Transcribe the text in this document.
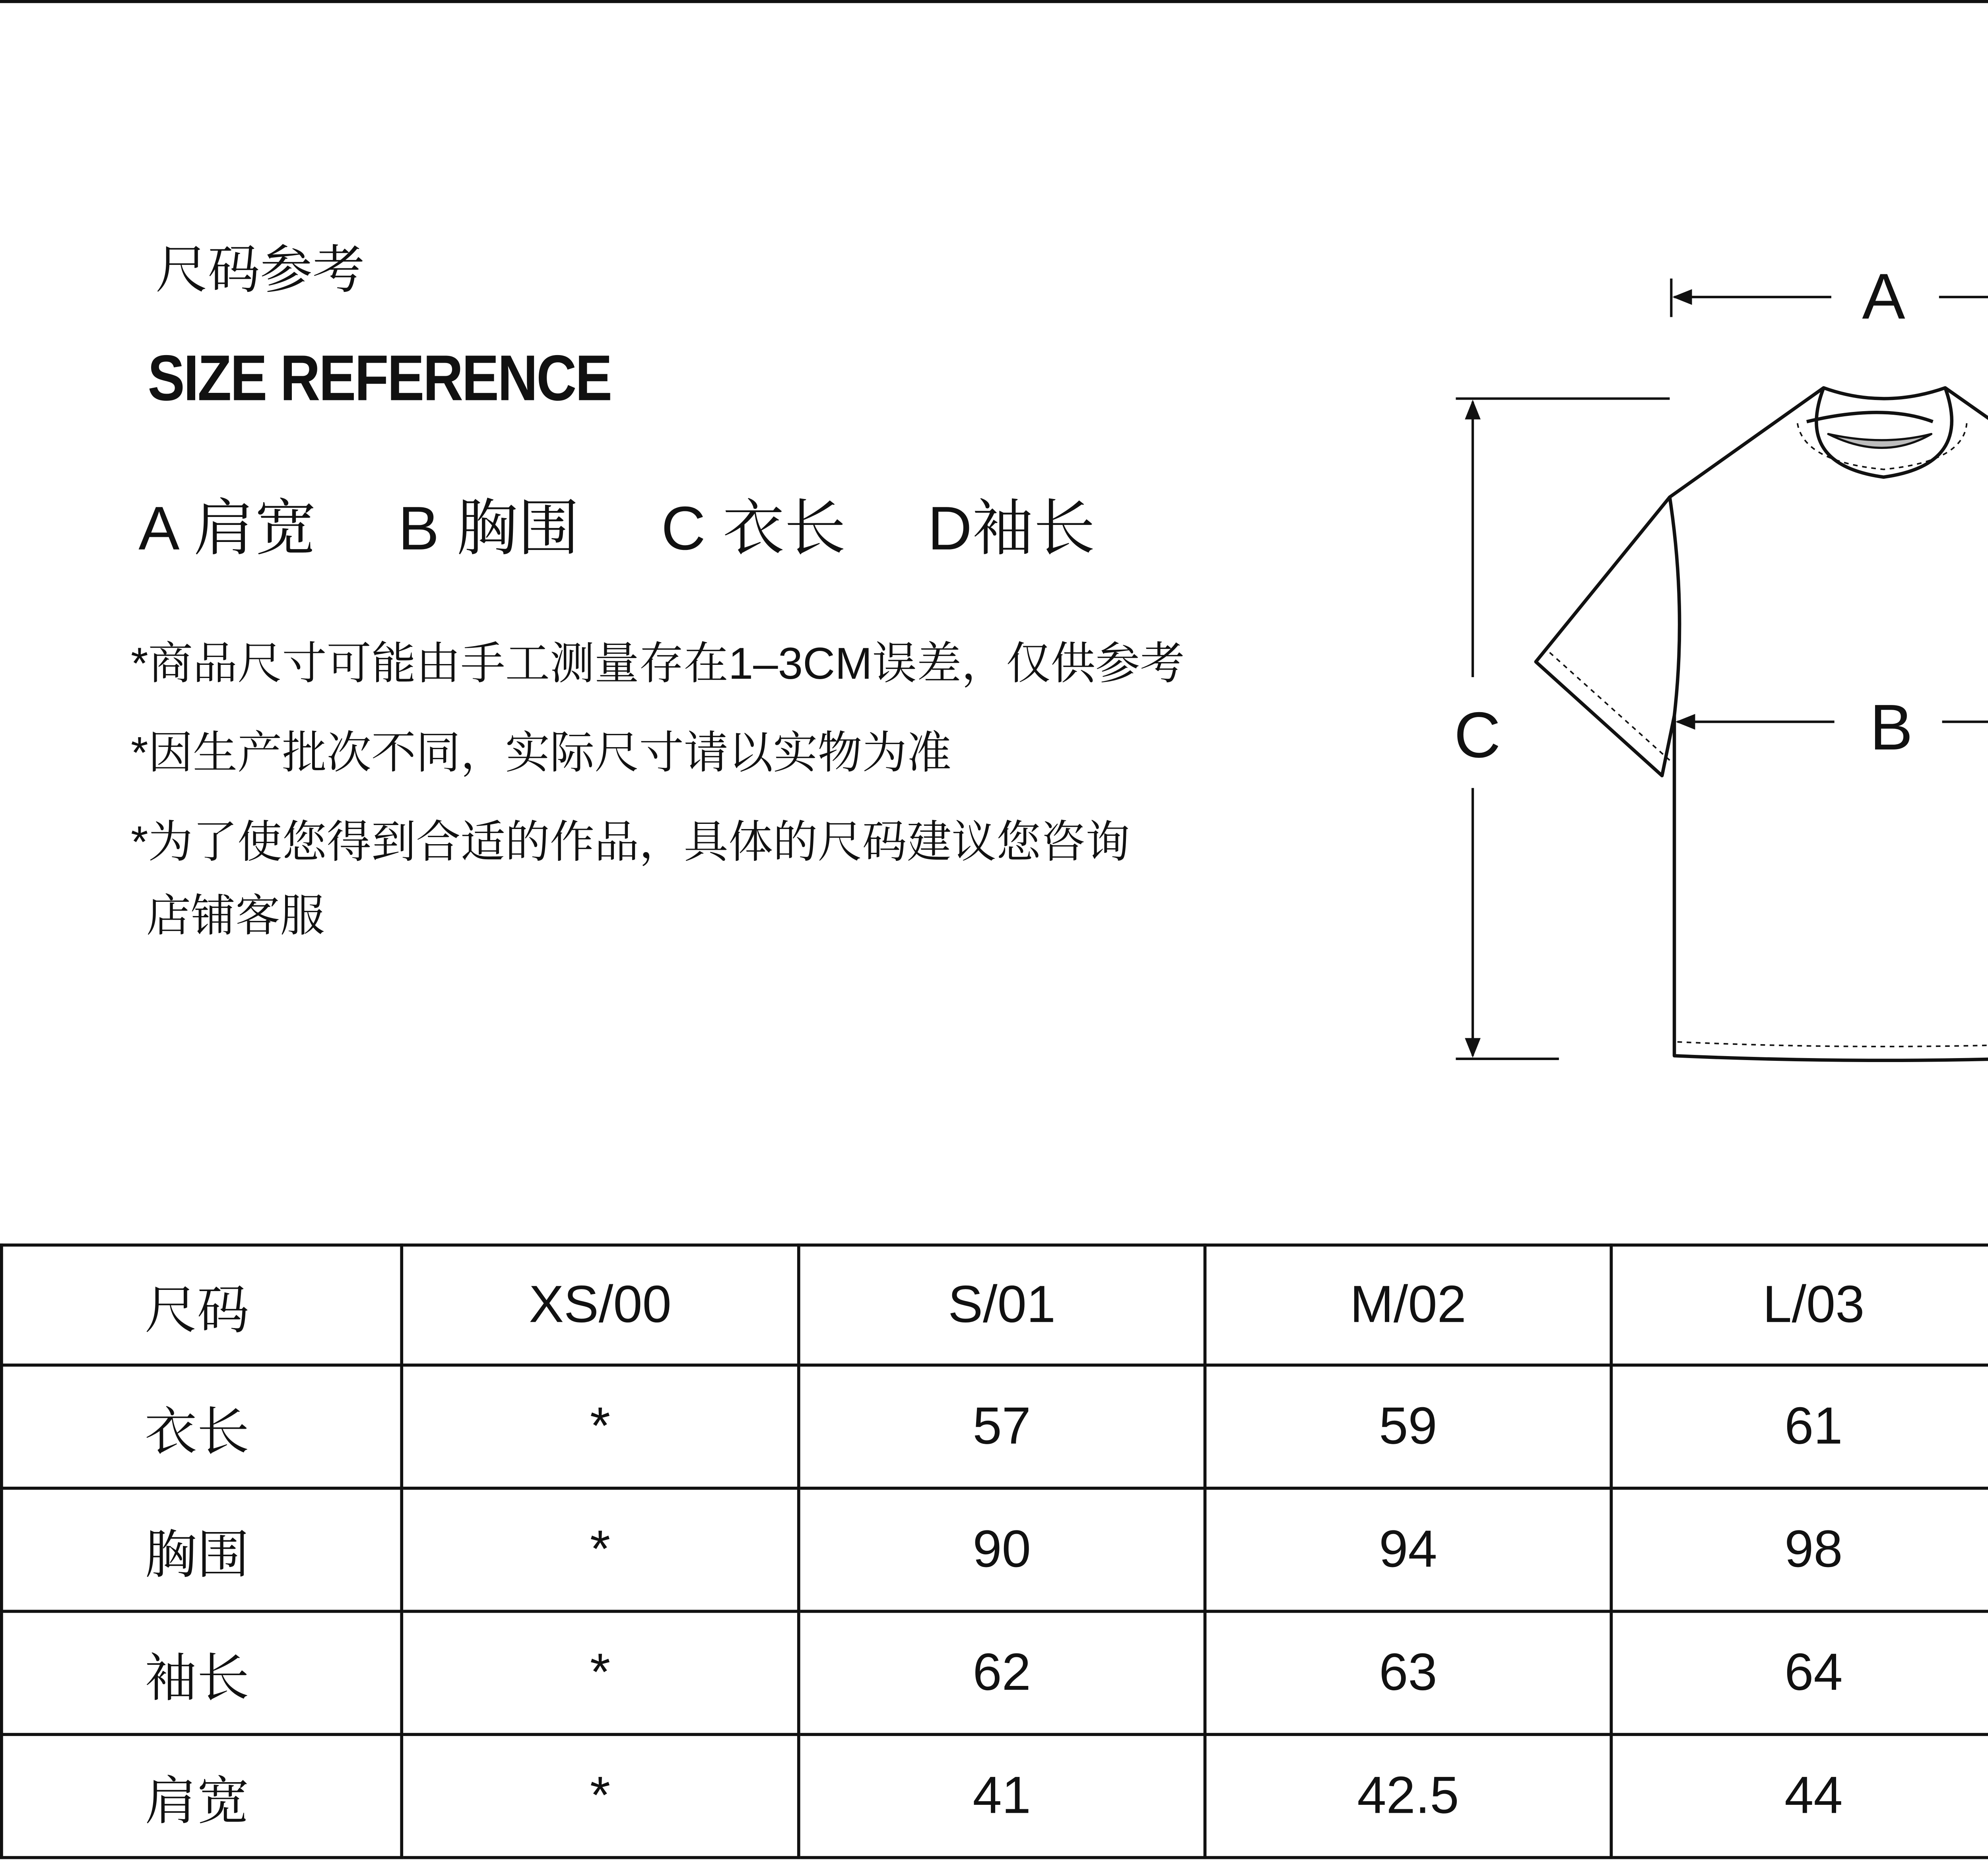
尺码参考
SIZE REFERENCE
A 肩宽	B 胸围	C 衣长	D袖长
*商品尺寸可能由手工测量存在1–3CM误差，仅供参考
*因生产批次不同，实际尺寸请以实物为准
*为了使您得到合适的作品，具体的尺码建议您咨询
店铺客服
A
B
C
尺码	XS/00	S/01	M/02	L/03	
衣长	*	57	59	61	
胸围	*	90	94	98	
袖长	*	62	63	64	
肩宽	*	41	42.5	44	
